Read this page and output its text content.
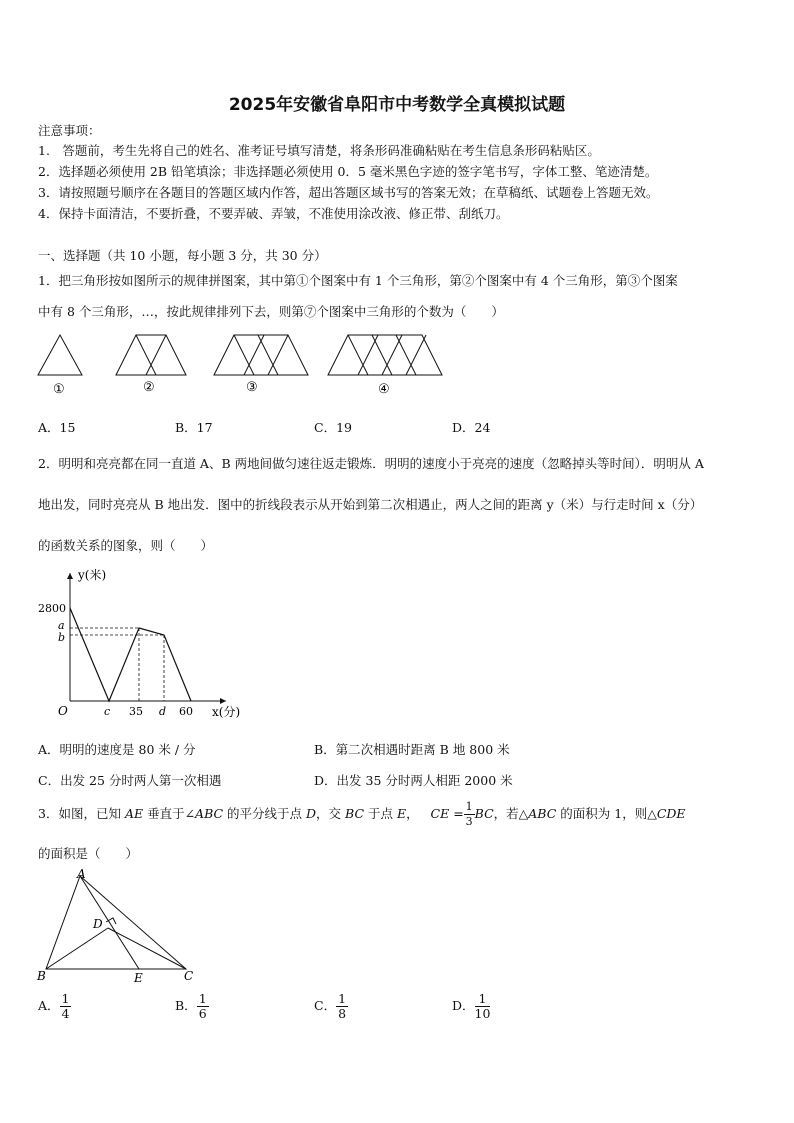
2025年安徽省阜阳市中考数学全真模拟试题
注意事项：
1.　答题前，考生先将自己的姓名、准考证号填写清楚，将条形码准确粘贴在考生信息条形码粘贴区。
2．选择题必须使用 2B 铅笔填涂；非选择题必须使用 0．5 毫米黑色字迹的签字笔书写，字体工整、笔迹清楚。
3．请按照题号顺序在各题目的答题区域内作答，超出答题区域书写的答案无效；在草稿纸、试题卷上答题无效。
4．保持卡面清洁，不要折叠，不要弄破、弄皱，不准使用涂改液、修正带、刮纸刀。
一、选择题（共 10 小题，每小题 3 分，共 30 分）
1．把三角形按如图所示的规律拼图案，其中第①个图案中有 1 个三角形，第②个图案中有 4 个三角形，第③个图案
中有 8 个三角形，…，按此规律排列下去，则第⑦个图案中三角形的个数为（　　）
①	②	③	④
A．15	B．17	C．19	D．24
2．明明和亮亮都在同一直道 A、B 两地间做匀速往返走锻炼．明明的速度小于亮亮的速度（忽略掉头等时间）．明明从 A
地出发，同时亮亮从 B 地出发．图中的折线段表示从开始到第二次相遇止，两人之间的距离 y（米）与行走时间 x（分）
的函数关系的图象，则（　　）
y(米)
x(分)
2800
a
b
O	c 35 d 60
A．明明的速度是 80 米 / 分	B．第二次相遇时距离 B 地 800 米
C．出发 25 分时两人第一次相遇	D．出发 35 分时两人相距 2000 米
3．如图，已知 AE 垂直于∠ABC 的平分线于点 D，交 BC 于点 E， CE = $\frac{1}{3}$ BC，若△ABC 的面积为 1，则△CDE
的面积是（　　）
A
D
B	E	C
A． $\frac{1}{4}$	B． $\frac{1}{6}$	C． $\frac{1}{8}$	D． $\frac{1}{10}$
